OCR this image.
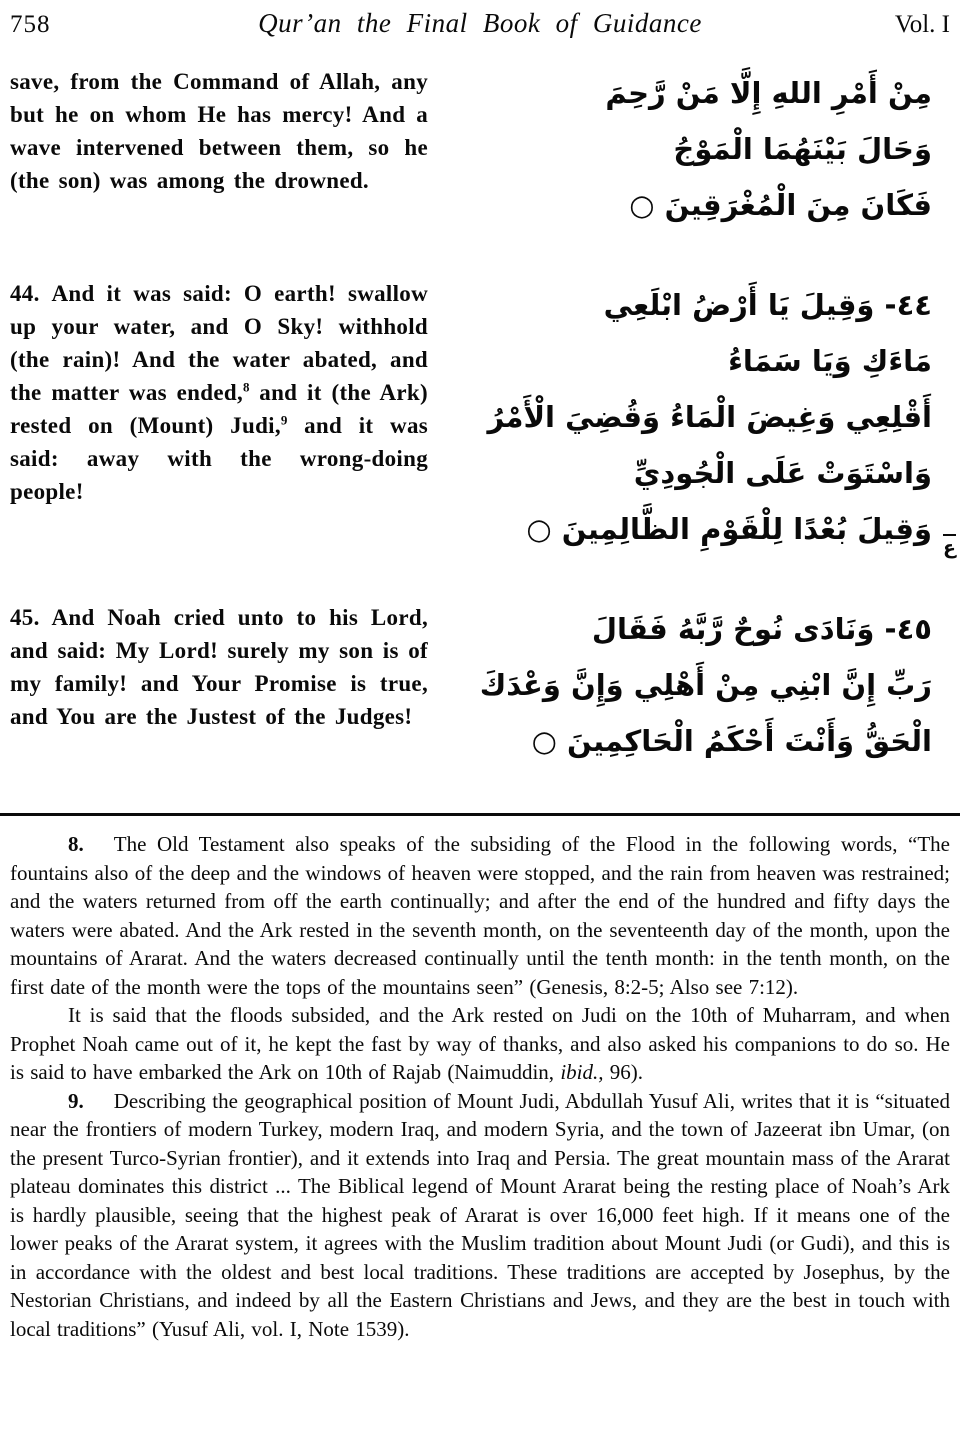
758	Qur’an the Final Book of Guidance	Vol. I
save, from the Command of Allah, any but he on whom He has mercy! And a wave intervened between them, so he (the son) was among the drowned.
مِنْ أَمْرِ اللهِ إِلَّا مَنْ رَّحِمَ
وَحَالَ بَيْنَهُمَا الْمَوْجُ
فَكَانَ مِنَ الْمُغْرَقِينَ ○
44. And it was said: O earth! swallow up your water, and O Sky! withhold (the rain)! And the water abated, and the matter was ended,$^8$ and it (the Ark) rested on (Mount) Judi,$^9$ and it was said: away with the wrong-doing people!
٤٤- وَقِيلَ يَا أَرْضُ ابْلَعِي
مَاءَكِ وَيَا سَمَاءُ
أَقْلِعِي وَغِيضَ الْمَاءُ وَقُضِيَ الْأَمْرُ
وَاسْتَوَتْ عَلَى الْجُودِيِّ
وَقِيلَ بُعْدًا لِلْقَوْمِ الظَّالِمِينَ ○
45. And Noah cried unto to his Lord, and said: My Lord! surely my son is of my family! and Your Promise is true, and You are the Justest of the Judges!
٤٥- وَنَادَى نُوحٌ رَّبَّهُ فَقَالَ
رَبِّ إِنَّ ابْنِي مِنْ أَهْلِي وَإِنَّ وَعْدَكَ
الْحَقُّ وَأَنْتَ أَحْكَمُ الْحَاكِمِينَ ○
ع

8. The Old Testament also speaks of the subsiding of the Flood in the following words, “The fountains also of the deep and the windows of heaven were stopped, and the rain from heaven was restrained; and the waters returned from off the earth continually; and after the end of the hundred and fifty days the waters were abated. And the Ark rested in the seventh month, on the seventeenth day of the month, upon the mountains of Ararat. And the waters decreased continually until the tenth month: in the tenth month, on the first date of the month were the tops of the mountains seen” (Genesis, 8:2-5; Also see 7:12).

It is said that the floods subsided, and the Ark rested on Judi on the 10th of Muharram, and when Prophet Noah came out of it, he kept the fast by way of thanks, and also asked his companions to do so. He is said to have embarked the Ark on 10th of Rajab (Naimuddin, ibid., 96).

9. Describing the geographical position of Mount Judi, Abdullah Yusuf Ali, writes that it is “situated near the frontiers of modern Turkey, modern Iraq, and modern Syria, and the town of Jazeerat ibn Umar, (on the present Turco-Syrian frontier), and it extends into Iraq and Persia. The great mountain mass of the Ararat plateau dominates this district ... The Biblical legend of Mount Ararat being the resting place of Noah’s Ark is hardly plausible, seeing that the highest peak of Ararat is over 16,000 feet high. If it means one of the lower peaks of the Ararat system, it agrees with the Muslim tradition about Mount Judi (or Gudi), and this is in accordance with the oldest and best local traditions. These traditions are accepted by Josephus, by the Nestorian Christians, and indeed by all the Eastern Christians and Jews, and they are the best in touch with local traditions” (Yusuf Ali, vol. I, Note 1539).
